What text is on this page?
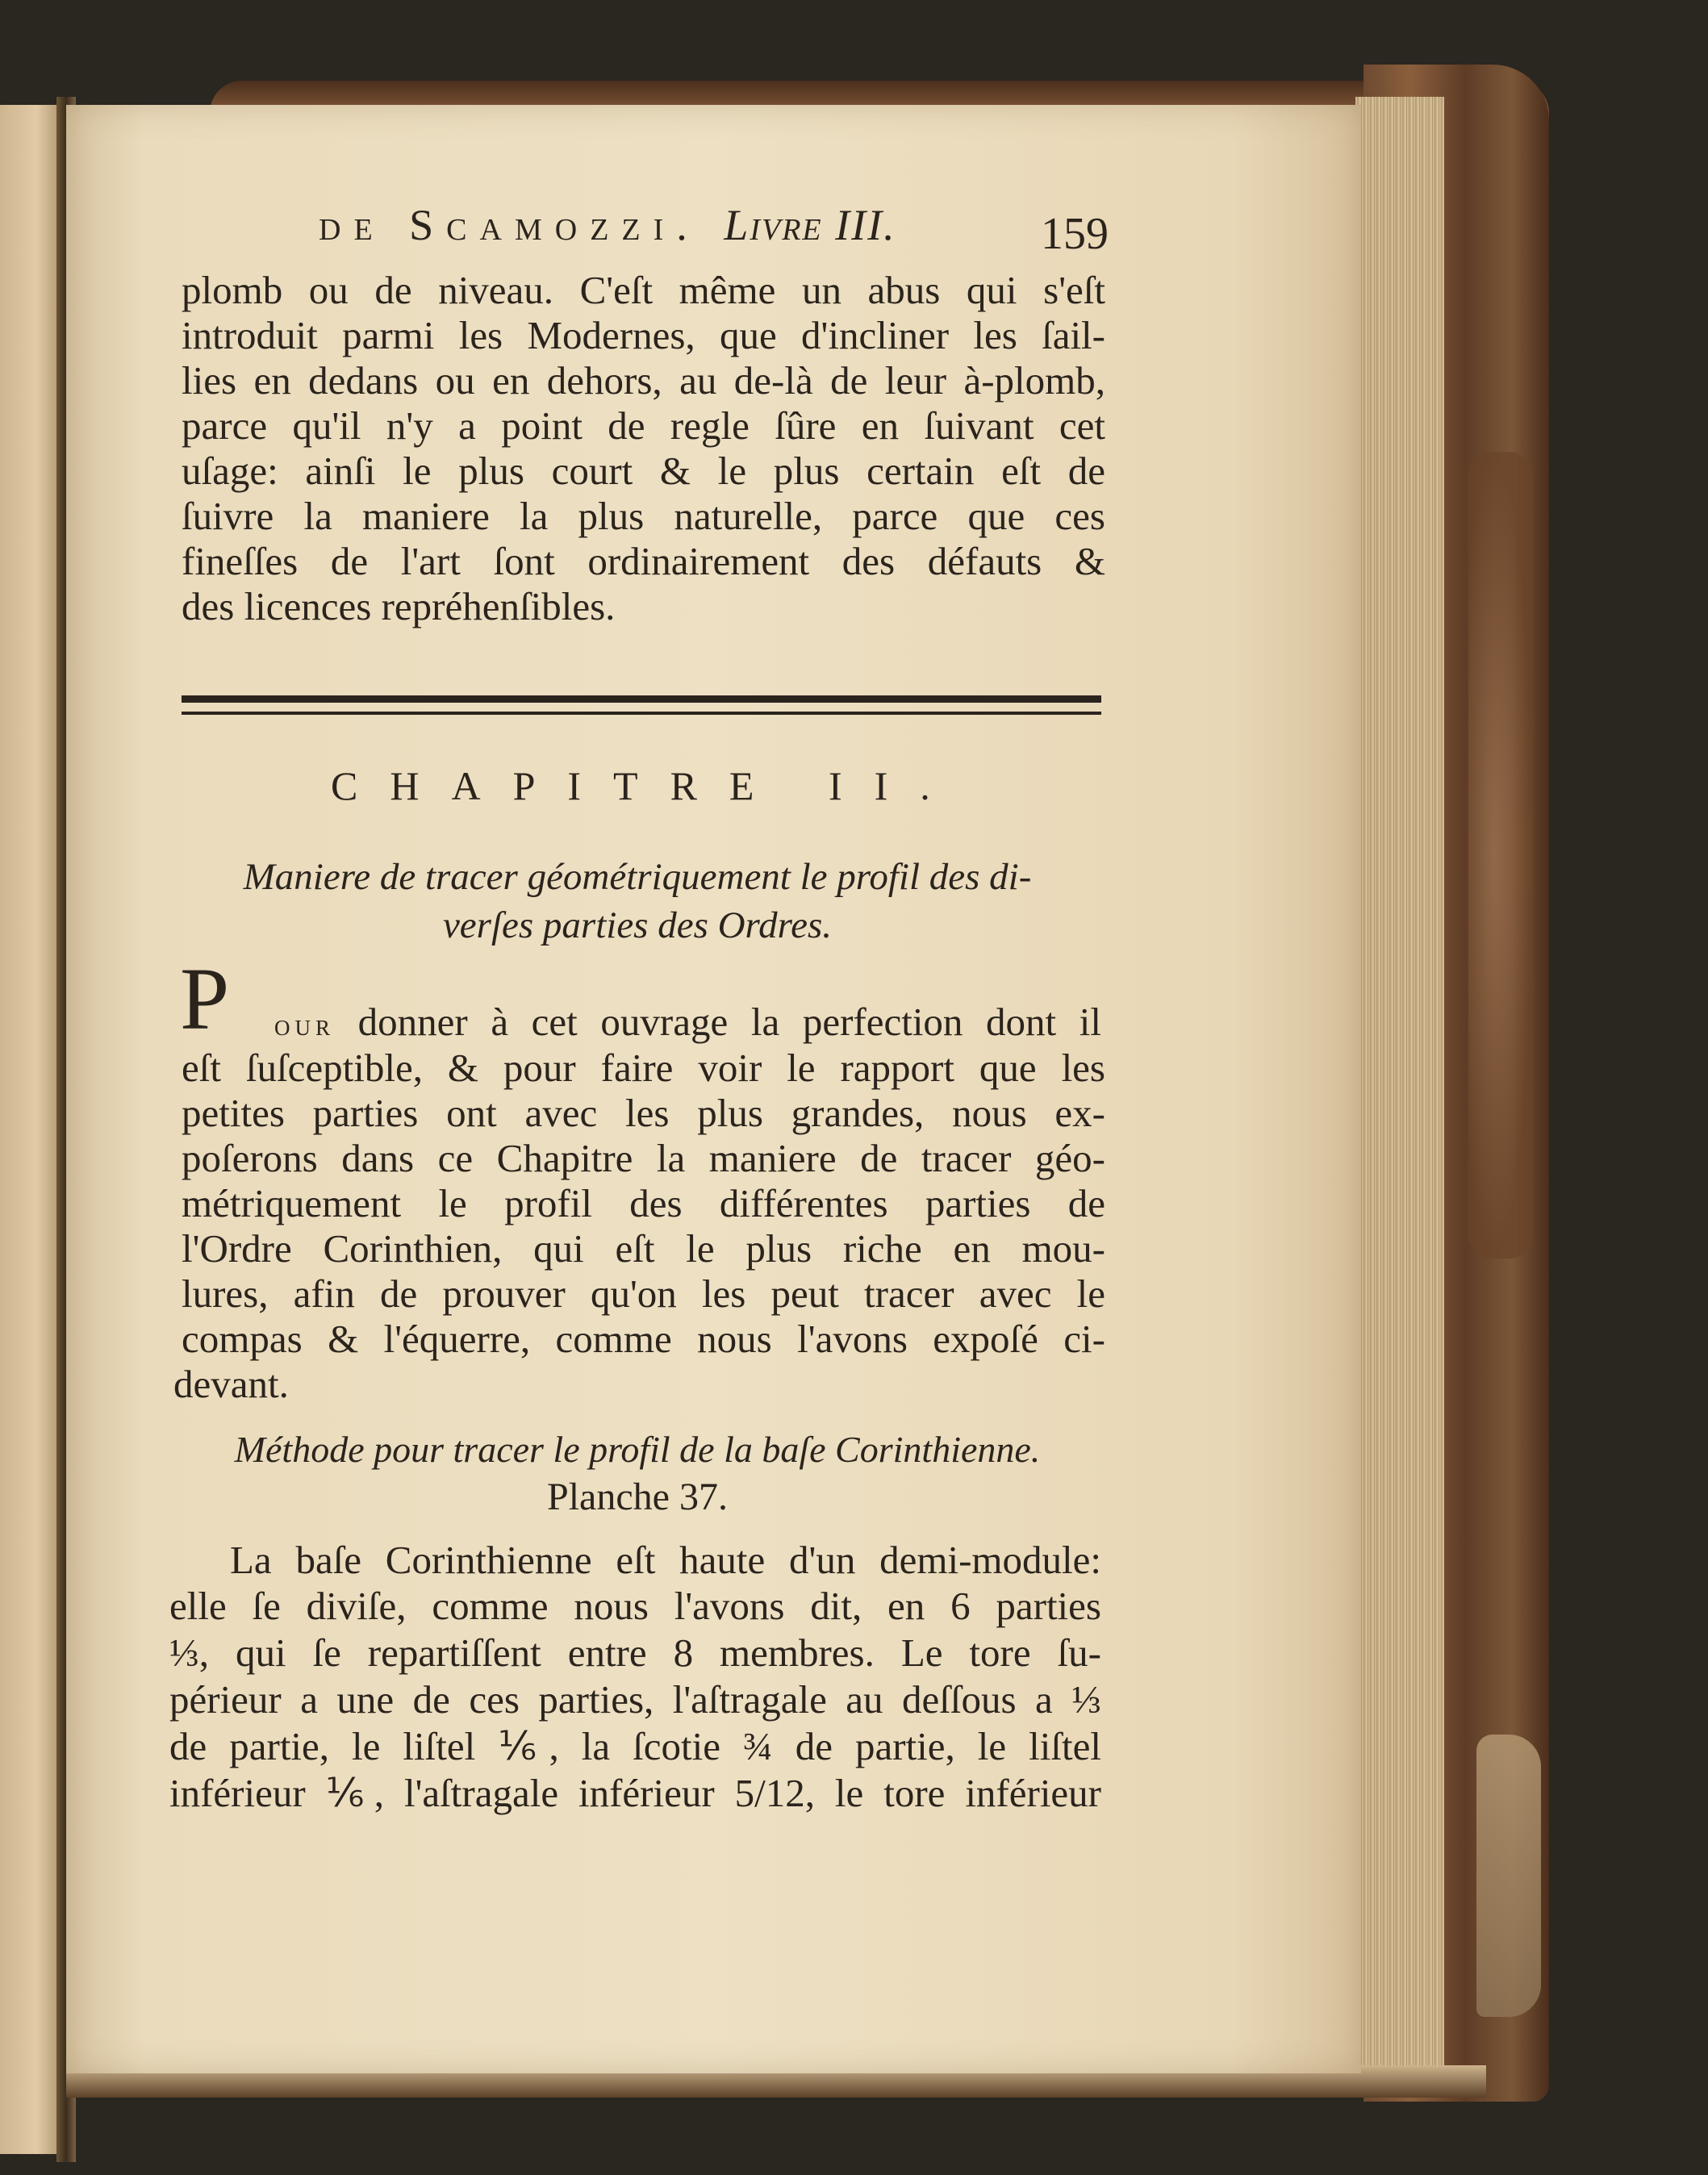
de Scamozzi. Livre III.	159
plomb ou de niveau. C'eſt même un abus qui s'eſt
introduit parmi les Modernes, que d'incliner les ſail-
lies en dedans ou en dehors, au de-là de leur à-plomb,
parce qu'il n'y a point de regle ſûre en ſuivant cet
uſage: ainſi le plus court & le plus certain eſt de
ſuivre la maniere la plus naturelle, parce que ces
fineſſes de l'art ſont ordinairement des défauts &
des licences repréhenſibles.
CHAPITRE II.
Maniere de tracer géométriquement le profil des di-
verſes parties des Ordres.
P our donner à cet ouvrage la perfection dont il
eſt ſuſceptible, & pour faire voir le rapport que les
petites parties ont avec les plus grandes, nous ex-
poſerons dans ce Chapitre la maniere de tracer géo-
métriquement le profil des différentes parties de
l'Ordre Corinthien, qui eſt le plus riche en mou-
lures, afin de prouver qu'on les peut tracer avec le
compas & l'équerre, comme nous l'avons expoſé ci-
devant.
Méthode pour tracer le profil de la baſe Corinthienne.
Planche 37.
La baſe Corinthienne eſt haute d'un demi-module:
elle ſe diviſe, comme nous l'avons dit, en 6 parties
⅓, qui ſe repartiſſent entre 8 membres. Le tore ſu-
périeur a une de ces parties, l'aſtragale au deſſous a ⅓
de partie, le liſtel ⅙, la ſcotie ¾ de partie, le liſtel
inférieur ⅙, l'aſtragale inférieur 5/12, le tore inférieur
